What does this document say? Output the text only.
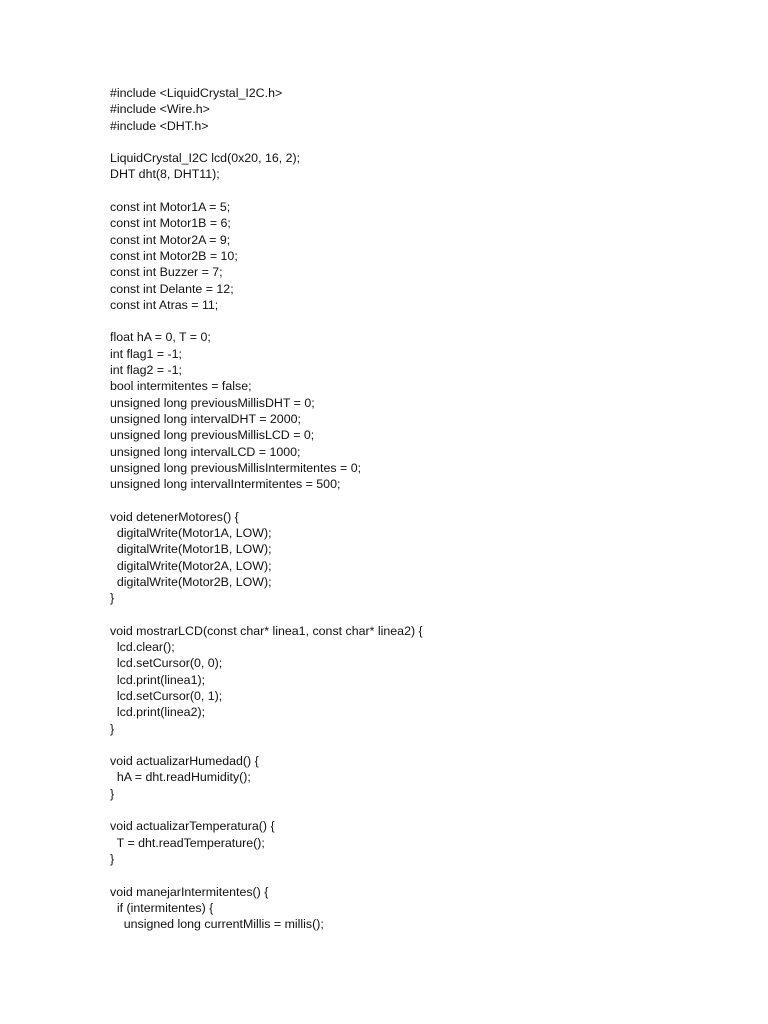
#include <LiquidCrystal_I2C.h>
#include <Wire.h>
#include <DHT.h>
LiquidCrystal_I2C lcd(0x20, 16, 2);
DHT dht(8, DHT11);
const int Motor1A = 5;
const int Motor1B = 6;
const int Motor2A = 9;
const int Motor2B = 10;
const int Buzzer = 7;
const int Delante = 12;
const int Atras = 11;
float hA = 0, T = 0;
int flag1 = -1;
int flag2 = -1;
bool intermitentes = false;
unsigned long previousMillisDHT = 0;
unsigned long intervalDHT = 2000;
unsigned long previousMillisLCD = 0;
unsigned long intervalLCD = 1000;
unsigned long previousMillisIntermitentes = 0;
unsigned long intervalIntermitentes = 500;
void detenerMotores() {
digitalWrite(Motor1A, LOW);
digitalWrite(Motor1B, LOW);
digitalWrite(Motor2A, LOW);
digitalWrite(Motor2B, LOW);
}
void mostrarLCD(const char* linea1, const char* linea2) {
lcd.clear();
lcd.setCursor(0, 0);
lcd.print(linea1);
lcd.setCursor(0, 1);
lcd.print(linea2);
}
void actualizarHumedad() {
hA = dht.readHumidity();
}
void actualizarTemperatura() {
T = dht.readTemperature();
}
void manejarIntermitentes() {
if (intermitentes) {
unsigned long currentMillis = millis();
